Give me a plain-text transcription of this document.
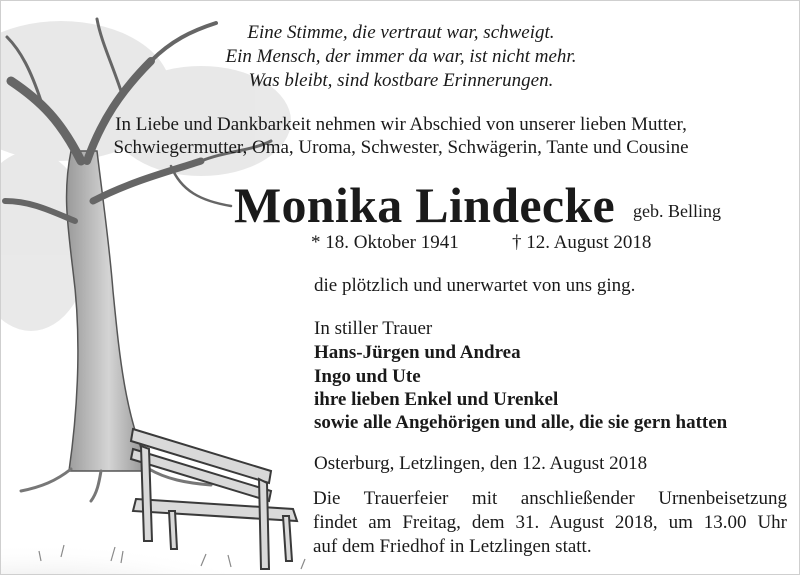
Eine Stimme, die vertraut war, schweigt.
Ein Mensch, der immer da war, ist nicht mehr.
Was bleibt, sind kostbare Erinnerungen.
In Liebe und Dankbarkeit nehmen wir Abschied von unserer lieben Mutter,
Schwiegermutter, Oma, Uroma, Schwester, Schwägerin, Tante und Cousine
Monika Lindecke geb. Belling
* 18. Oktober 1941	† 12. August 2018
die plötzlich und unerwartet von uns ging.
In stiller Trauer
Hans-Jürgen und Andrea
Ingo und Ute
ihre lieben Enkel und Urenkel
sowie alle Angehörigen und alle, die sie gern hatten
Osterburg, Letzlingen, den 12. August 2018
Die Trauerfeier mit anschließender Urnenbeisetzung
findet am Freitag, dem 31. August 2018, um 13.00 Uhr
auf dem Friedhof in Letzlingen statt.
